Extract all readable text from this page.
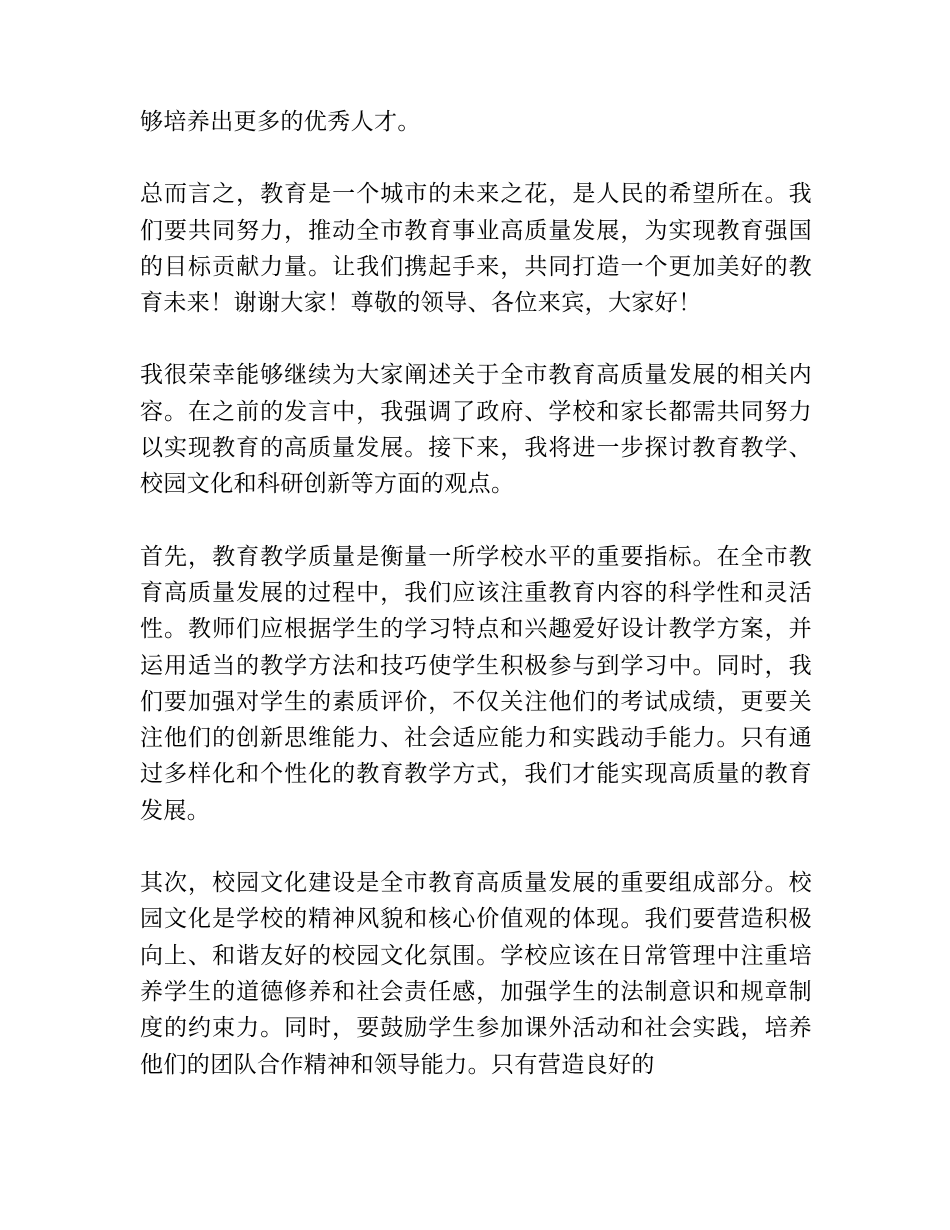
够培养出更多的优秀人才。

总而言之，教育是一个城市的未来之花，是人民的希望所在。我们要共同努力，推动全市教育事业高质量发展，为实现教育强国的目标贡献力量。让我们携起手来，共同打造一个更加美好的教育未来！谢谢大家！尊敬的领导、各位来宾，大家好！

我很荣幸能够继续为大家阐述关于全市教育高质量发展的相关内容。在之前的发言中，我强调了政府、学校和家长都需共同努力以实现教育的高质量发展。接下来，我将进一步探讨教育教学、校园文化和科研创新等方面的观点。

首先，教育教学质量是衡量一所学校水平的重要指标。在全市教育高质量发展的过程中，我们应该注重教育内容的科学性和灵活性。教师们应根据学生的学习特点和兴趣爱好设计教学方案，并运用适当的教学方法和技巧使学生积极参与到学习中。同时，我们要加强对学生的素质评价，不仅关注他们的考试成绩，更要关注他们的创新思维能力、社会适应能力和实践动手能力。只有通过多样化和个性化的教育教学方式，我们才能实现高质量的教育发展。

其次，校园文化建设是全市教育高质量发展的重要组成部分。校园文化是学校的精神风貌和核心价值观的体现。我们要营造积极向上、和谐友好的校园文化氛围。学校应该在日常管理中注重培养学生的道德修养和社会责任感，加强学生的法制意识和规章制度的约束力。同时，要鼓励学生参加课外活动和社会实践，培养他们的团队合作精神和领导能力。只有营造良好的
